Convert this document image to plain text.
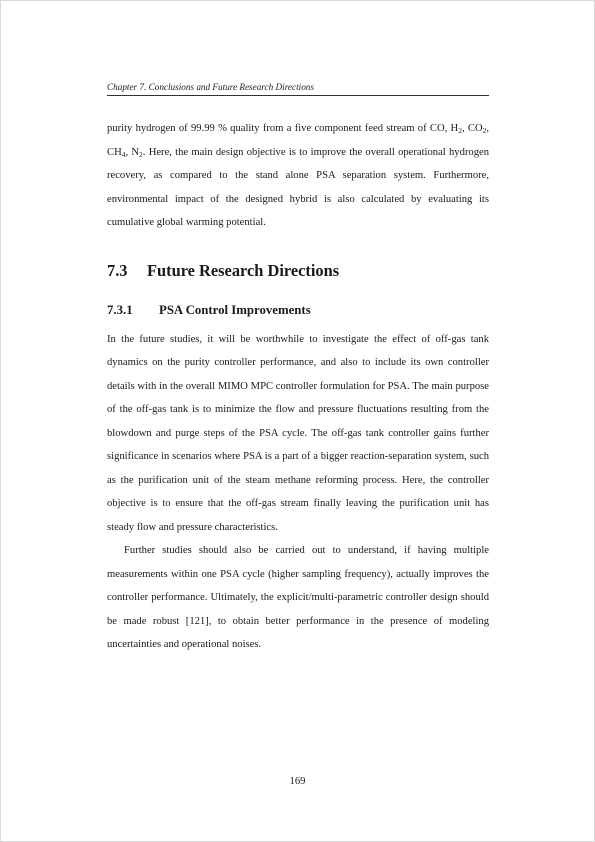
Chapter 7. Conclusions and Future Research Directions

purity hydrogen of 99.99 % quality from a five component feed stream of CO, $H_2$, $CO_2$, $CH_4$, $N_2$. Here, the main design objective is to improve the overall operational hydrogen recovery, as compared to the stand alone PSA separation system. Furthermore, environmental impact of the designed hybrid is also calculated by evaluating its cumulative global warming potential.

7.3	Future Research Directions
7.3.1	PSA Control Improvements

In the future studies, it will be worthwhile to investigate the effect of off-gas tank dynamics on the purity controller performance, and also to include its own controller details with in the overall MIMO MPC controller formulation for PSA. The main purpose of the off-gas tank is to minimize the flow and pressure fluctuations resulting from the blowdown and purge steps of the PSA cycle. The off-gas tank controller gains further significance in scenarios where PSA is a part of a bigger reaction-separation system, such as the purification unit of the steam methane reforming process. Here, the controller objective is to ensure that the off-gas stream finally leaving the purification unit has steady flow and pressure characteristics.

Further studies should also be carried out to understand, if having multiple measurements within one PSA cycle (higher sampling frequency), actually improves the controller performance. Ultimately, the explicit/multi-parametric controller design should be made robust [121], to obtain better performance in the presence of modeling uncertainties and operational noises.

169
